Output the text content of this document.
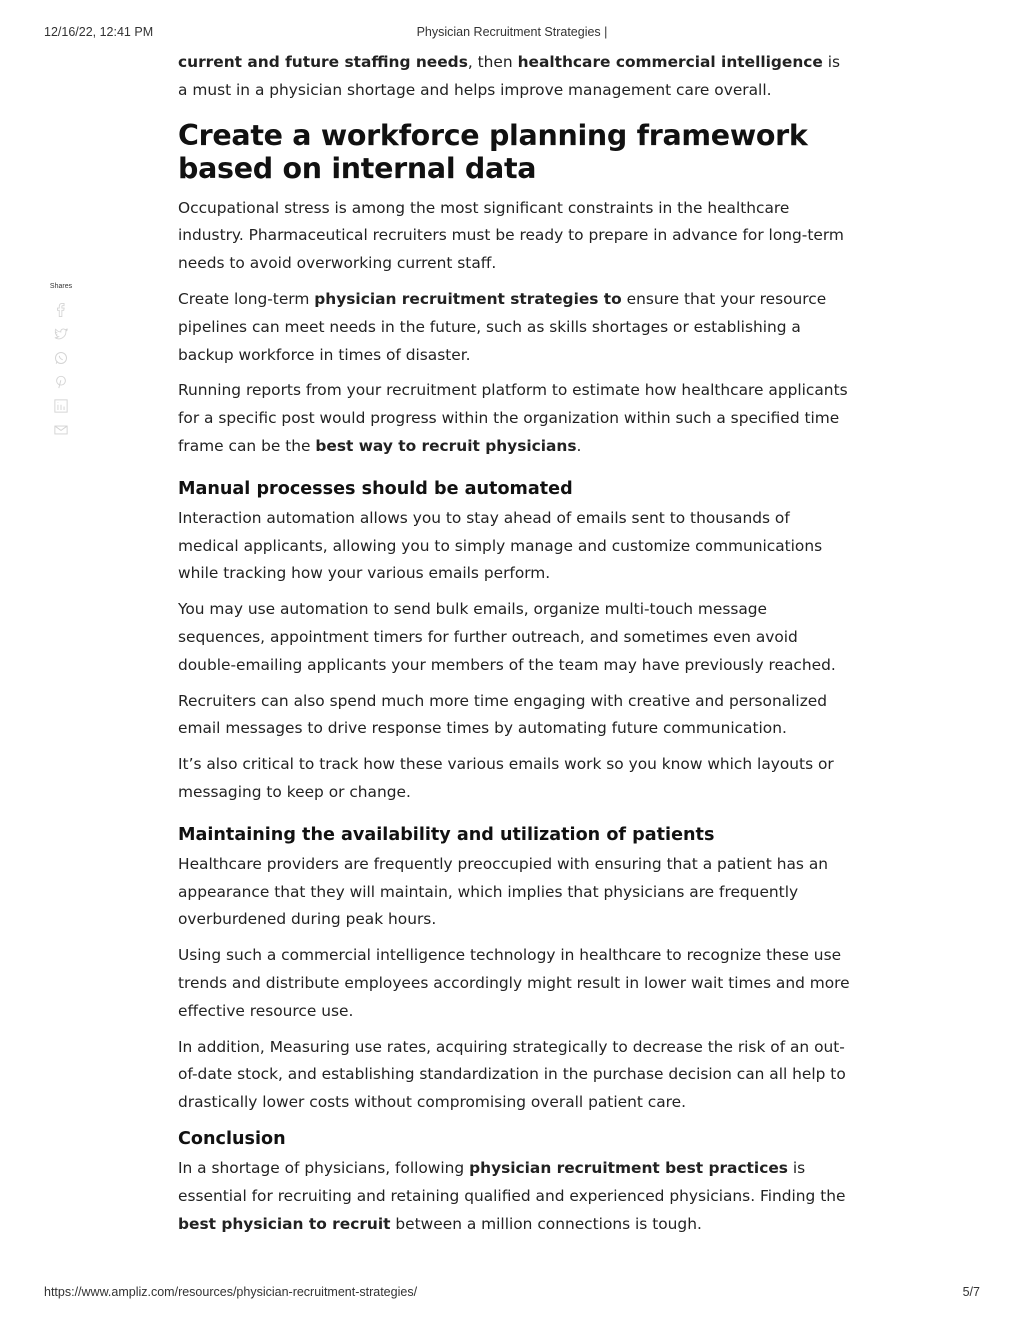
12/16/22, 12:41 PM	Physician Recruitment Strategies |
Shares

current and future staffing needs, then healthcare commercial intelligence is a must in a physician shortage and helps improve management care overall.

Create a workforce planning framework based on internal data

Occupational stress is among the most significant constraints in the healthcare industry. Pharmaceutical recruiters must be ready to prepare in advance for long-term needs to avoid overworking current staff.

Create long-term physician recruitment strategies to ensure that your resource pipelines can meet needs in the future, such as skills shortages or establishing a backup workforce in times of disaster.

Running reports from your recruitment platform to estimate how healthcare applicants for a specific post would progress within the organization within such a specified time frame can be the best way to recruit physicians.

Manual processes should be automated

Interaction automation allows you to stay ahead of emails sent to thousands of medical applicants, allowing you to simply manage and customize communications while tracking how your various emails perform.

You may use automation to send bulk emails, organize multi-touch message sequences, appointment timers for further outreach, and sometimes even avoid double-emailing applicants your members of the team may have previously reached.

Recruiters can also spend much more time engaging with creative and personalized email messages to drive response times by automating future communication.

It’s also critical to track how these various emails work so you know which layouts or messaging to keep or change.

Maintaining the availability and utilization of patients

Healthcare providers are frequently preoccupied with ensuring that a patient has an appearance that they will maintain, which implies that physicians are frequently overburdened during peak hours.

Using such a commercial intelligence technology in healthcare to recognize these use trends and distribute employees accordingly might result in lower wait times and more effective resource use.

In addition, Measuring use rates, acquiring strategically to decrease the risk of an out-of-date stock, and establishing standardization in the purchase decision can all help to drastically lower costs without compromising overall patient care.

Conclusion

In a shortage of physicians, following physician recruitment best practices is essential for recruiting and retaining qualified and experienced physicians. Finding the best physician to recruit between a million connections is tough.

https://www.ampliz.com/resources/physician-recruitment-strategies/	5/7
